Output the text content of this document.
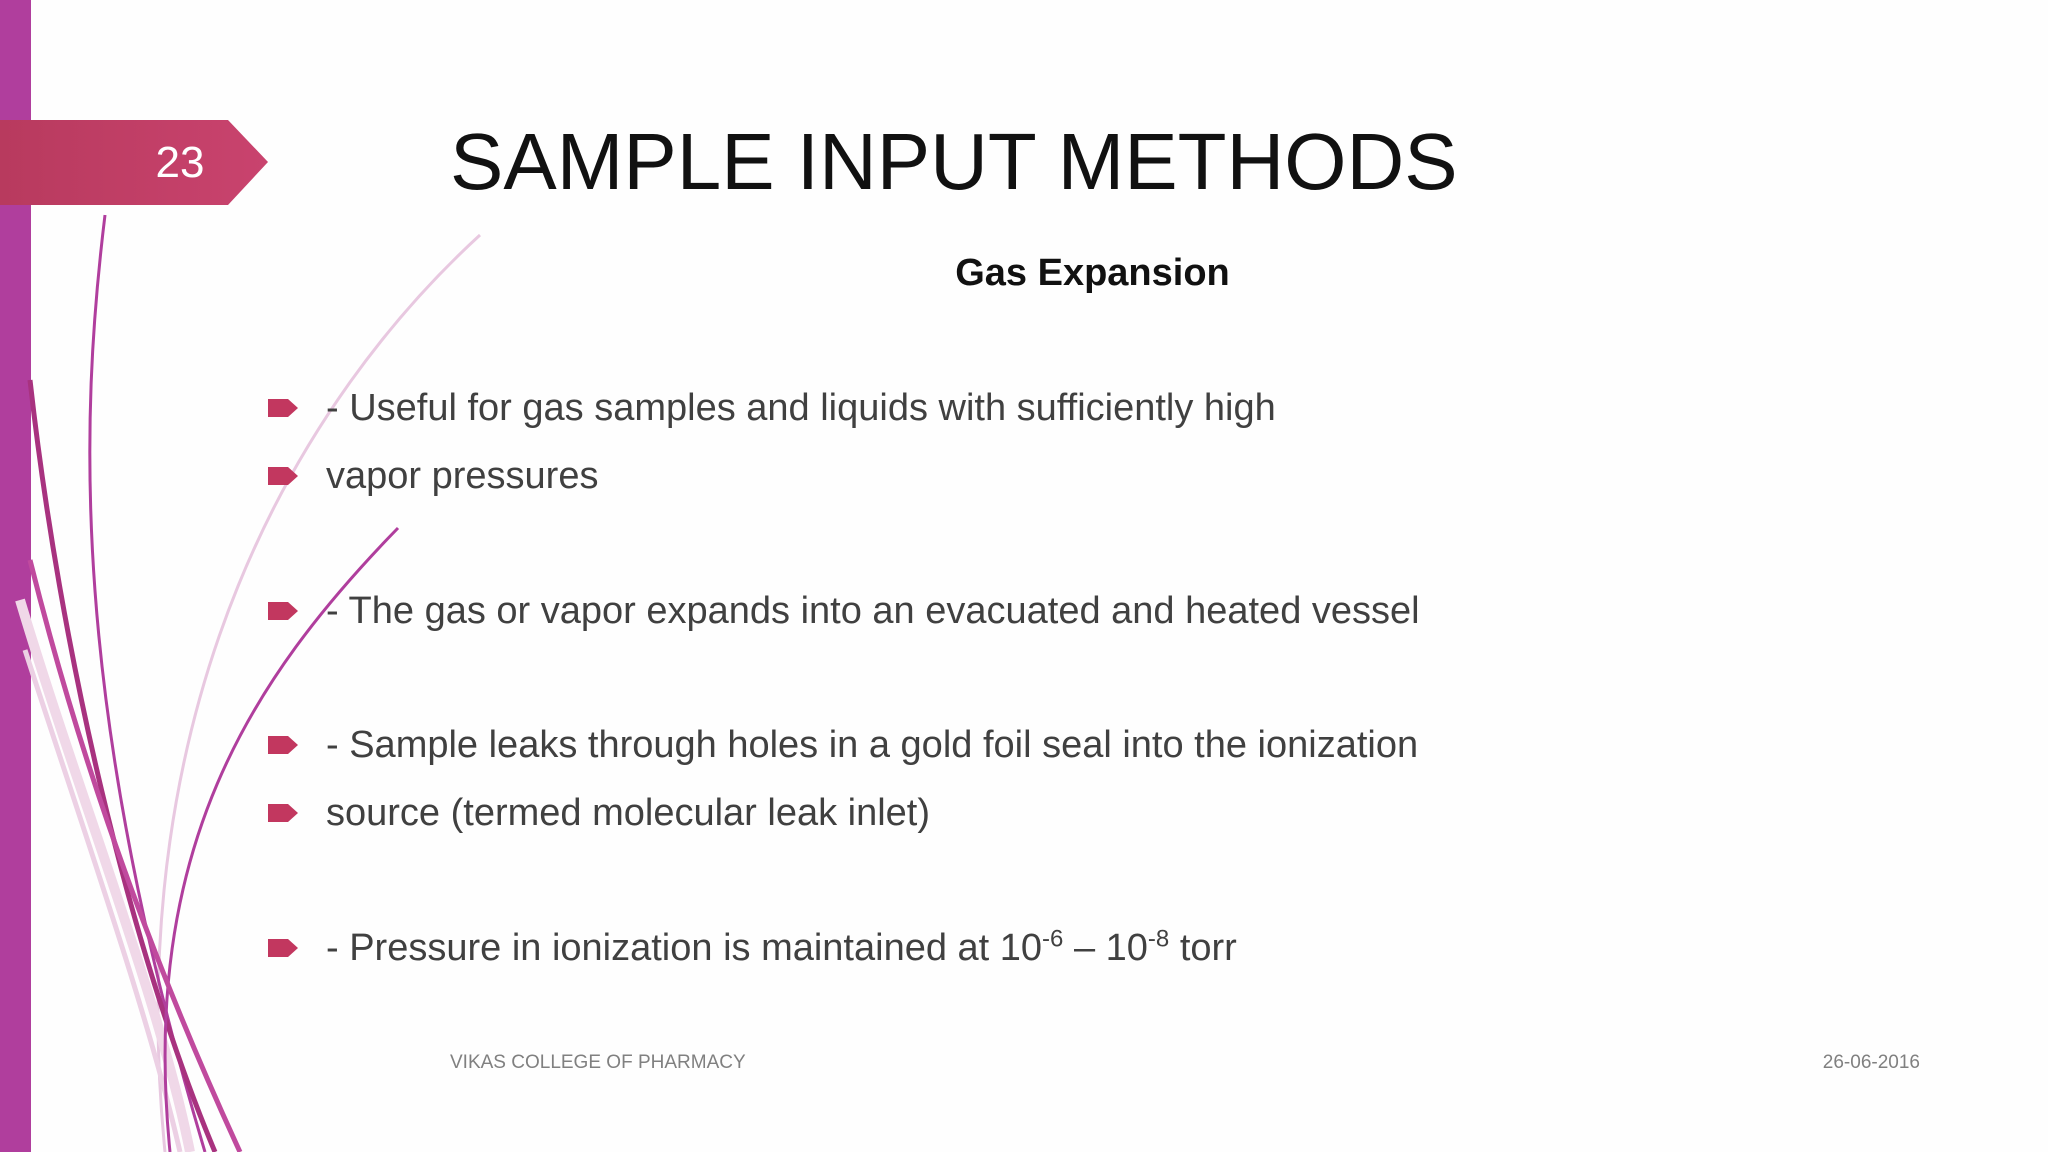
23	SAMPLE INPUT METHODS
Gas Expansion
- Useful for gas samples and liquids with sufficiently high
vapor pressures
- The gas or vapor expands into an evacuated and heated vessel
- Sample leaks through holes in a gold foil seal into the ionization
source (termed molecular leak inlet)
- Pressure in ionization is maintained at $10^{-6} - 10^{-8}$ torr
VIKAS COLLEGE OF PHARMACY	26-06-2016
